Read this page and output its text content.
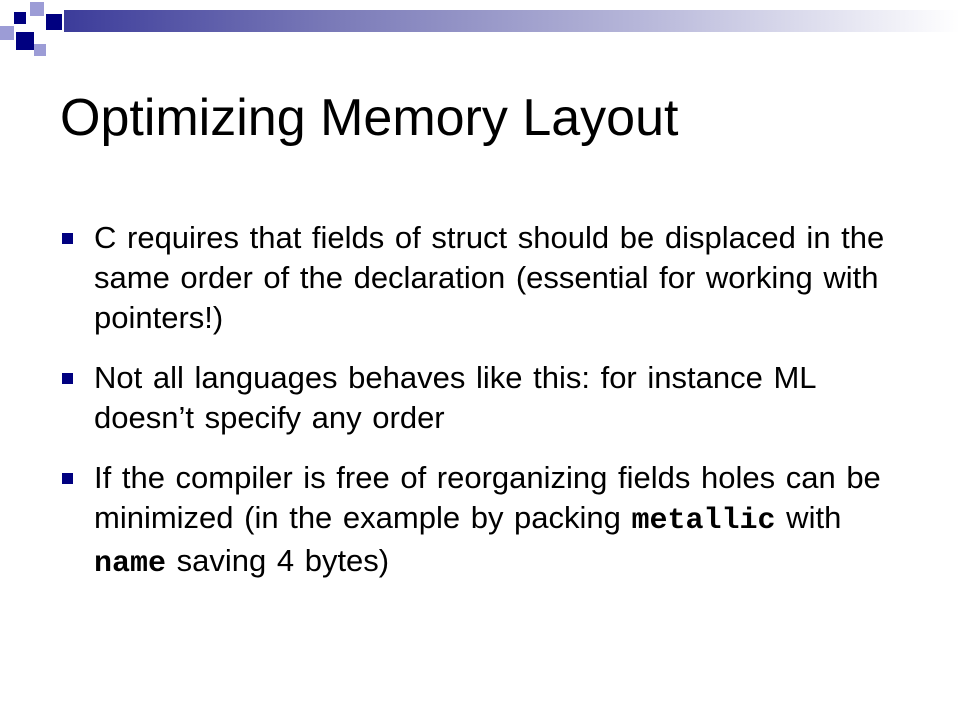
Optimizing Memory Layout
C requires that fields of struct should be displaced in the same order of the declaration (essential for working with pointers!)
Not all languages behaves like this: for instance ML doesn’t specify any order
If the compiler is free of reorganizing fields holes can be minimized (in the example by packing metallic with name saving 4 bytes)
